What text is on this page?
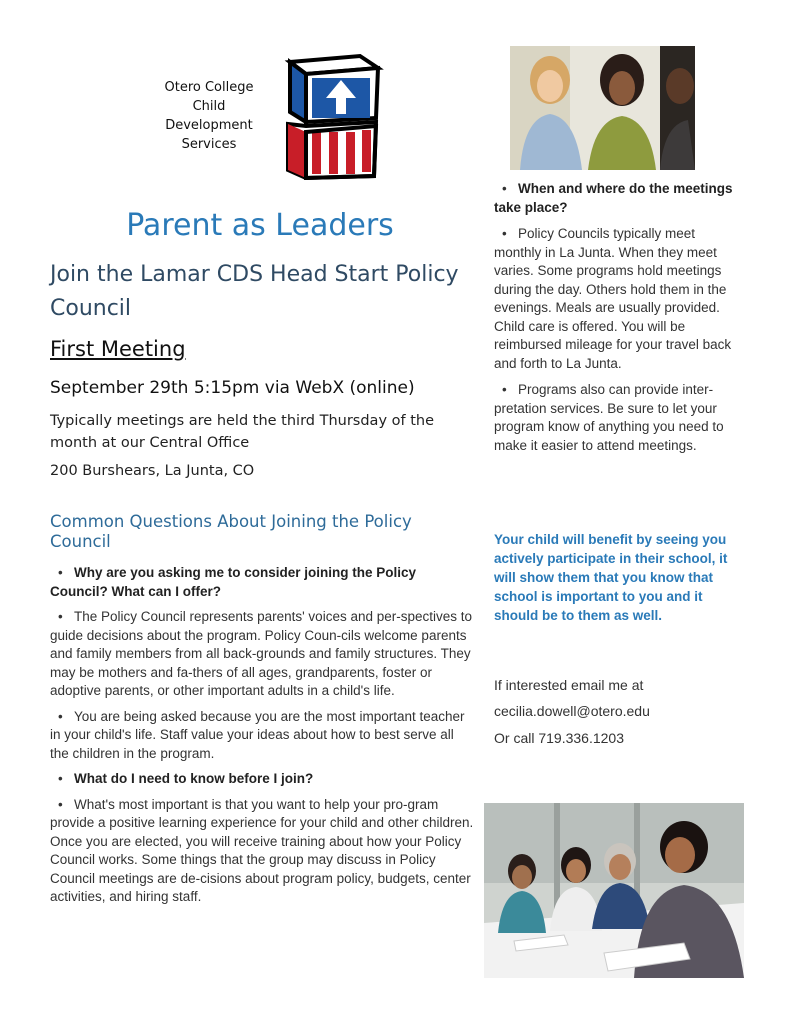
Otero College
Child
Development
Services
Parent as Leaders
Join the Lamar CDS Head Start Policy Council
First Meeting

September 29th 5:15pm via WebX (online)

Typically meetings are held the third Thursday of the month at our Central Office

200 Burshears, La Junta, CO

Common Questions About Joining the Policy Council
• Why are you asking me to consider joining the Policy Council? What can I offer?
• The Policy Council represents parents' voices and per-spectives to guide decisions about the program. Policy Coun-cils welcome parents and family members from all back-grounds and family structures. They may be mothers and fa-thers of all ages, grandparents, foster or adoptive parents, or other important adults in a child's life.
• You are being asked because you are the most important teacher in your child's life. Staff value your ideas about how to best serve all the children in the program.
• What do I need to know before I join?
• What's most important is that you want to help your pro-gram provide a positive learning experience for your child and other children. Once you are elected, you will receive training about how your Policy Council works. Some things that the group may discuss in Policy Council meetings are de-cisions about program policy, budgets, center activities, and hiring staff.
• When and where do the meetings take place?
• Policy Councils typically meet monthly in La Junta. When they meet varies. Some programs hold meetings during the day. Others hold them in the evenings. Meals are usually provided. Child care is offered. You will be reimbursed mileage for your travel back and forth to La Junta.
• Programs also can provide inter-pretation services. Be sure to let your program know of anything you need to make it easier to attend meetings.

Your child will benefit by seeing you actively participate in their school, it will show them that you know that school is important to you and it should be to them as well.

If interested email me at

cecilia.dowell@otero.edu

Or call 719.336.1203
